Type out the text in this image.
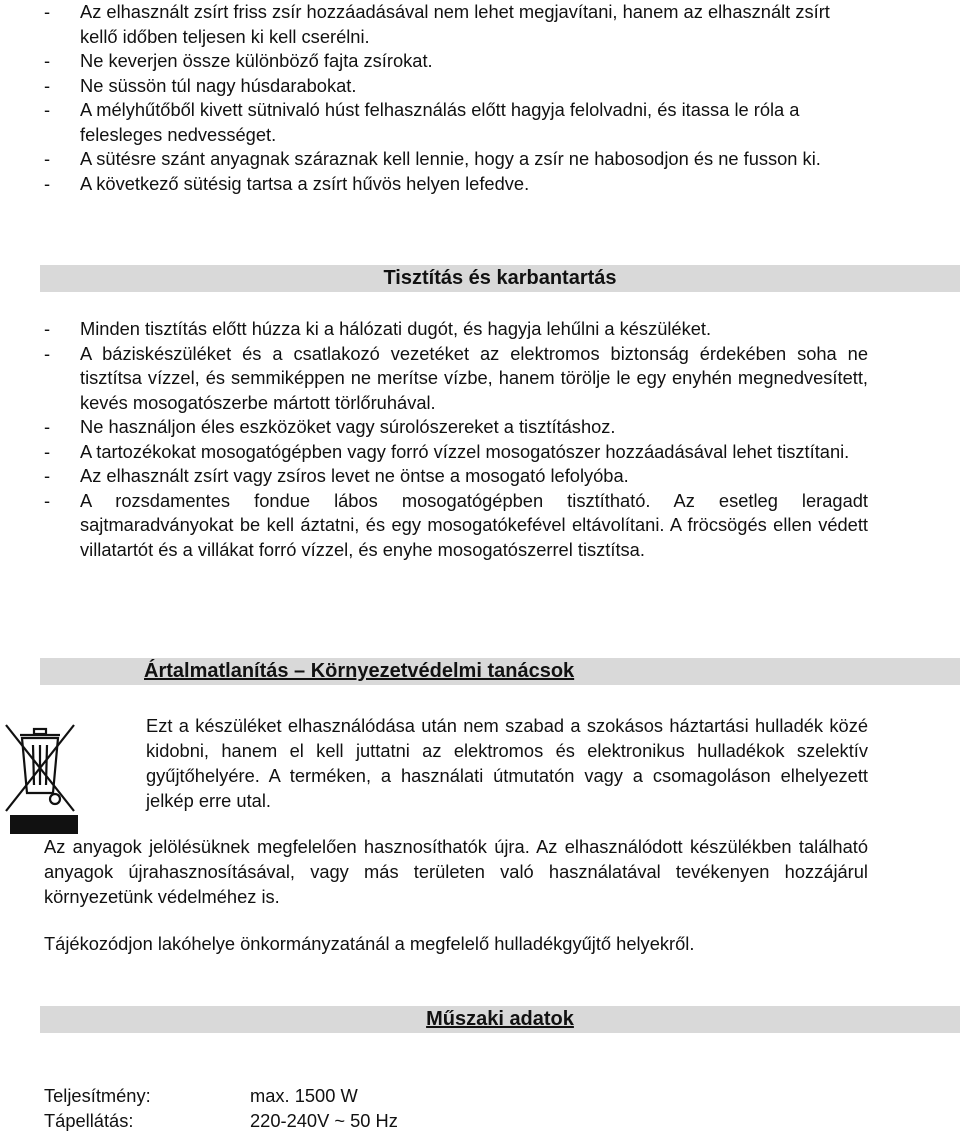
- Az elhasznált zsírt friss zsír hozzáadásával nem lehet megjavítani, hanem az elhasznált zsírt kellő időben teljesen ki kell cserélni.
- Ne keverjen össze különböző fajta zsírokat.
- Ne süssön túl nagy húsdarabokat.
- A mélyhűtőből kivett sütnivaló húst felhasználás előtt hagyja felolvadni, és itassa le róla a felesleges nedvességet.
- A sütésre szánt anyagnak száraznak kell lennie, hogy a zsír ne habosodjon és ne fusson ki.
- A következő sütésig tartsa a zsírt hűvös helyen lefedve.
Tisztítás és karbantartás
- Minden tisztítás előtt húzza ki a hálózati dugót, és hagyja lehűlni a készüléket.
- A báziskészüléket és a csatlakozó vezetéket az elektromos biztonság érdekében soha ne tisztítsa vízzel, és semmiképpen ne merítse vízbe, hanem törölje le egy enyhén megnedvesített, kevés mosogatószerbe mártott törlőruhával.
- Ne használjon éles eszközöket vagy súrolószereket a tisztításhoz.
- A tartozékokat mosogatógépben vagy forró vízzel mosogatószer hozzáadásával lehet tisztítani.
- Az elhasznált zsírt vagy zsíros levet ne öntse a mosogató lefolyóba.
- A rozsdamentes fondue lábos mosogatógépben tisztítható. Az esetleg leragadt sajtmaradványokat be kell áztatni, és egy mosogatókefével eltávolítani. A fröcsögés ellen védett villatartót és a villákat forró vízzel, és enyhe mosogatószerrel tisztítsa.
Ártalmatlanítás – Környezetvédelmi tanácsok

Ezt a készüléket elhasználódása után nem szabad a szokásos háztartási hulladék közé kidobni, hanem el kell juttatni az elektromos és elektronikus hulladékok szelektív gyűjtőhelyére. A terméken, a használati útmutatón vagy a csomagoláson elhelyezett jelkép erre utal.

Az anyagok jelölésüknek megfelelően hasznosíthatók újra. Az elhasználódott készülékben található anyagok újrahasznosításával, vagy más területen való használatával tevékenyen hozzájárul környezetünk védelméhez is.

Tájékozódjon lakóhelye önkormányzatánál a megfelelő hulladékgyűjtő helyekről.

Műszaki adatok
Teljesítmény:	max. 1500 W
Tápellátás:	220-240V ~ 50 Hz
